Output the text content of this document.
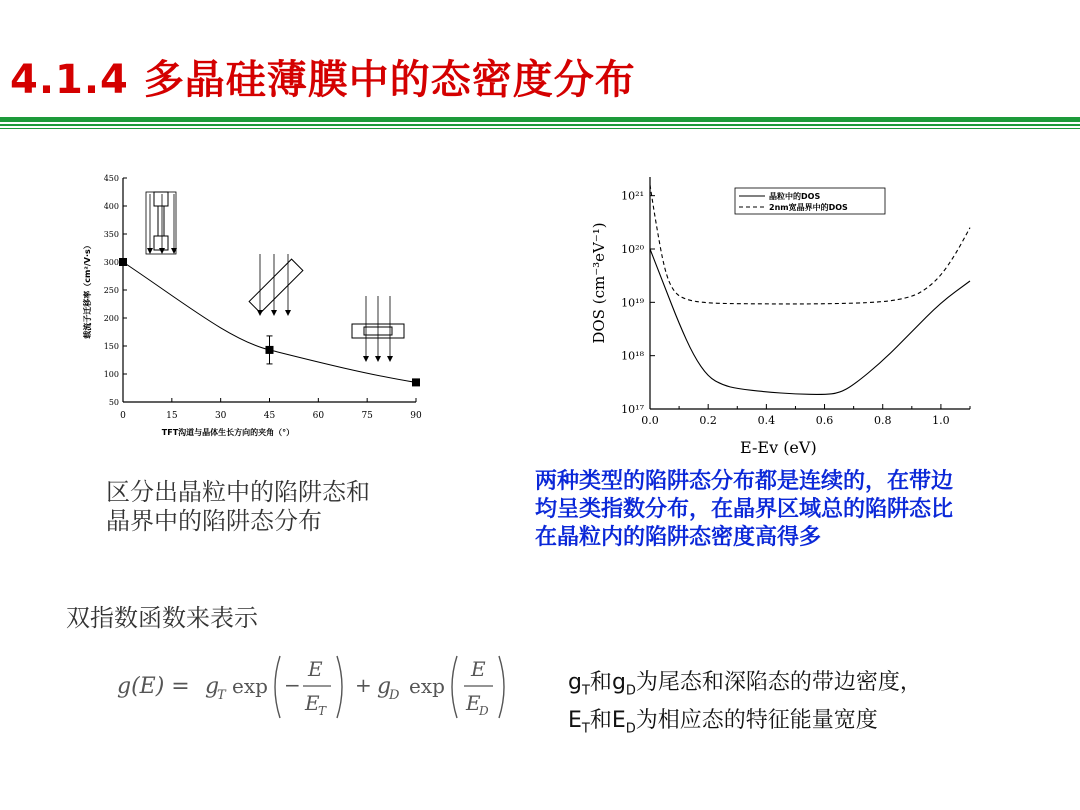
4.1.4 多晶硅薄膜中的态密度分布
0	15	30	45	60	75	90
50
100
150
200
250
300
350
400
450
TFT沟道与晶体生长方向的夹角（°）
载流子迁移率（cm²/V·s）
0.0	0.2	0.4	0.6	0.8	1.0
10¹⁷
10¹⁸
10¹⁹
10²⁰
10²¹
E-Ev (eV)
DOS (cm⁻³eV⁻¹)
晶粒中的DOS
2nm宽晶界中的DOS
区分出晶粒中的陷阱态和
晶界中的陷阱态分布
两种类型的陷阱态分布都是连续的，在带边
均呈类指数分布，在晶界区域总的陷阱态比
在晶粒内的陷阱态密度高得多
双指数函数来表示
g(E) = g
T exp −
E
E
T
+ g
D exp
E
E
D
$g_T$和$g_D$为尾态和深陷态的带边密度，
$E_T$和$E_D$为相应态的特征能量宽度
